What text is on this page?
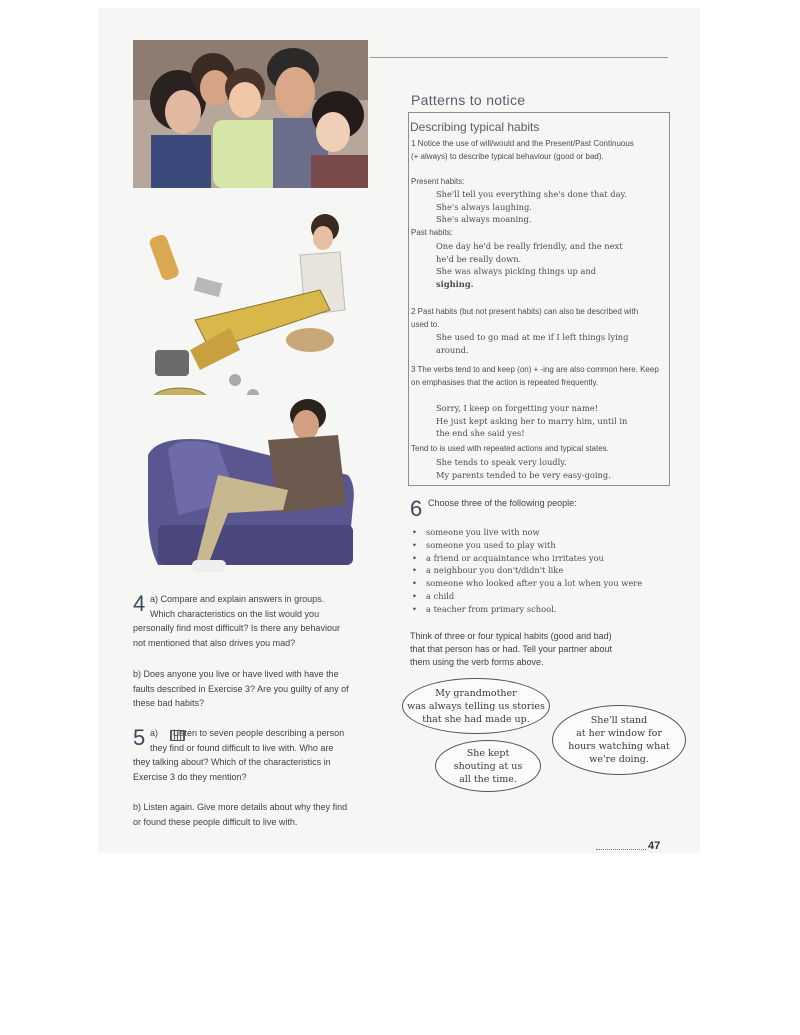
Patterns to notice
Describing typical habits
1 Notice the use of will/would and the Present/Past Continuous (+ always) to describe typical behaviour (good or bad).
Present habits:
She'll tell you everything she's done that day.
She's always laughing.
She's always moaning.
Past habits:
One day he'd be really friendly, and the next
he'd be really down.
She was always picking things up and
sighing.
2 Past habits (but not present habits) can also be described with used to.
She used to go mad at me if I left things lying
around.
3 The verbs tend to and keep (on) + -ing are also common here. Keep on emphasises that the action is repeated frequently.
Sorry, I keep on forgetting your name!
He just kept asking her to marry him, until in
the end she said yes!
Tend to is used with repeated actions and typical states.
She tends to speak very loudly.
My parents tended to be very easy-going.
6 Choose three of the following people:
• someone you live with now
• someone you used to play with
• a friend or acquaintance who irritates you
• a neighbour you don't/didn't like
• someone who looked after you a lot when you were
• a child
• a teacher from primary school.
Think of three or four typical habits (good and bad)
that that person has or had. Tell your partner about
them using the verb forms above.
My grandmother
was always telling us stories
that she had made up.	She'll stand
at her window for
hours watching what
we're doing.
She kept
shouting at us
all the time.
4 a) Compare and explain answers in groups.
Which characteristics on the list would you
personally find most difficult? Is there any behaviour
not mentioned that also drives you mad?
b) Does anyone you live or have lived with have the
faults described in Exercise 3? Are you guilty of any of
these bad habits?
5 a)      Listen to seven people describing a person
they find or found difficult to live with. Who are
they talking about? Which of the characteristics in
Exercise 3 do they mention?
b) Listen again. Give more details about why they find
or found these people difficult to live with.
47
